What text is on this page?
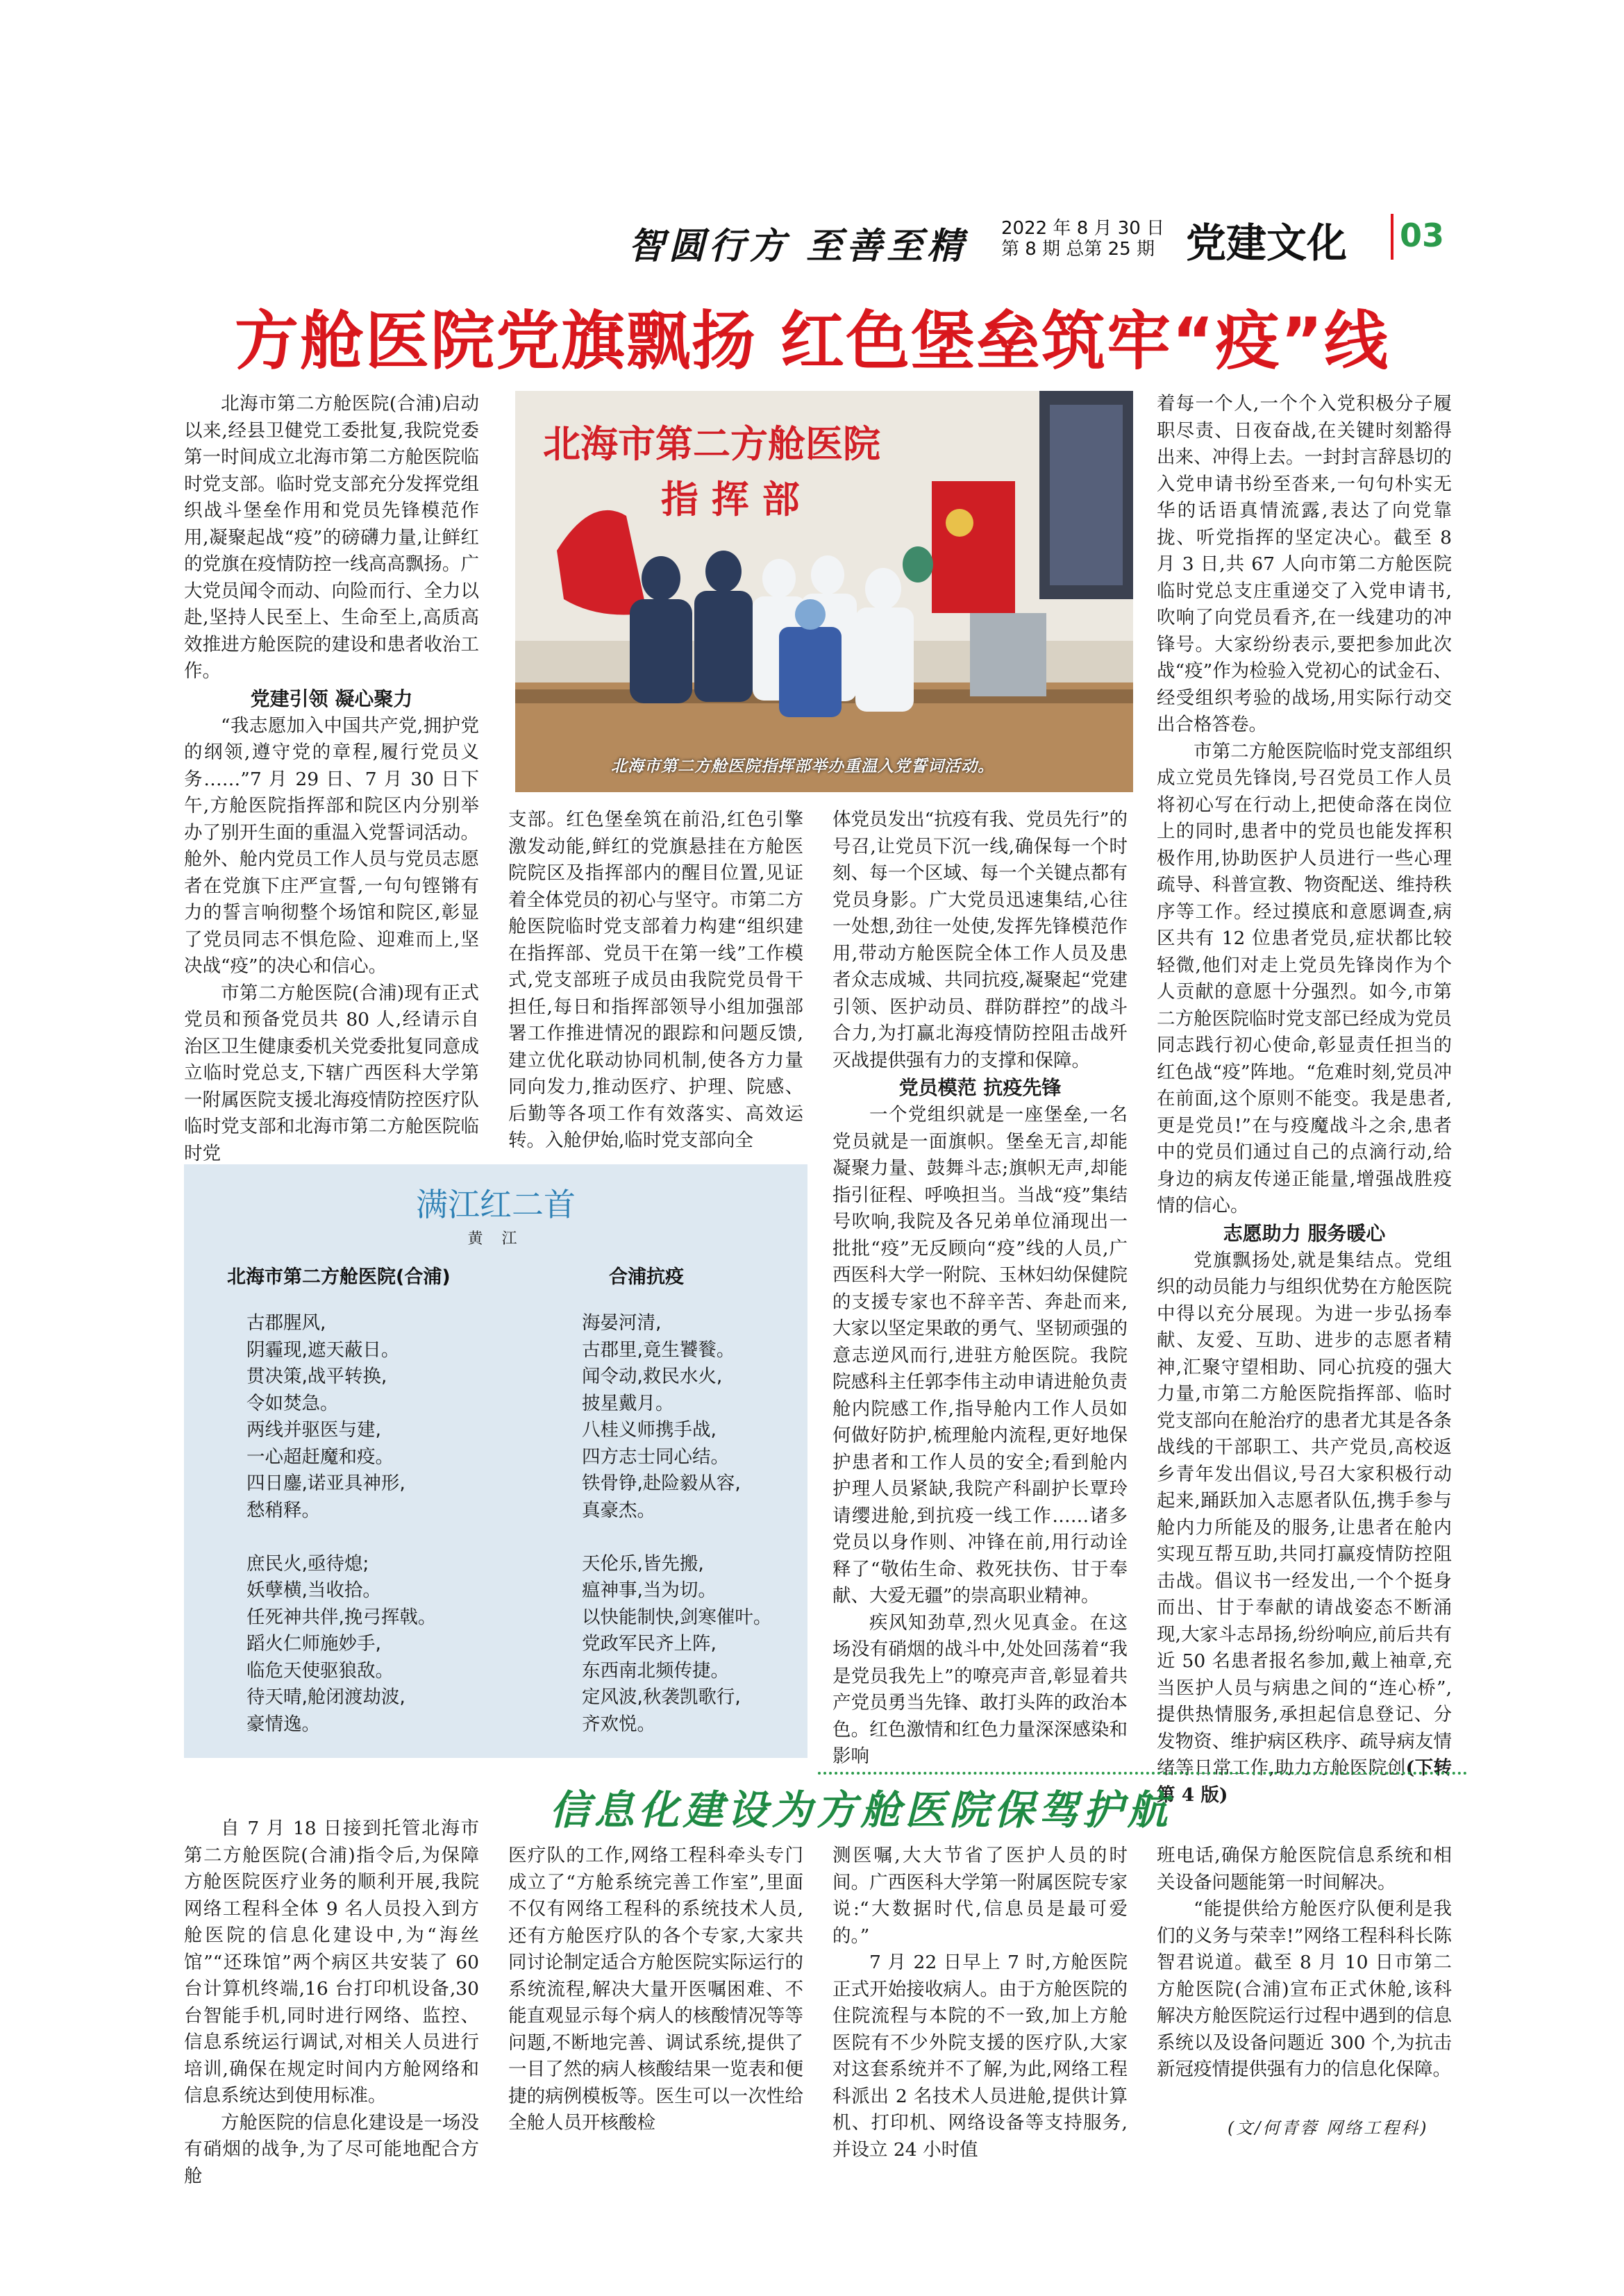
智圆行方 至善至精 2022 年 8 月 30 日
第 8 期 总第 25 期 党建文化 03
方舱医院党旗飘扬 红色堡垒筑牢“疫”线

北海市第二方舱医院(合浦)启动以来,经县卫健党工委批复,我院党委第一时间成立北海市第二方舱医院临时党支部。临时党支部充分发挥党组织战斗堡垒作用和党员先锋模范作用,凝聚起战“疫”的磅礴力量,让鲜红的党旗在疫情防控一线高高飘扬。广大党员闻令而动、向险而行、全力以赴,坚持人民至上、生命至上,高质高效推进方舱医院的建设和患者收治工作。

党建引领 凝心聚力

“我志愿加入中国共产党,拥护党的纲领,遵守党的章程,履行党员义务……”7 月 29 日、7 月 30 日下午,方舱医院指挥部和院区内分别举办了别开生面的重温入党誓词活动。舱外、舱内党员工作人员与党员志愿者在党旗下庄严宣誓,一句句铿锵有力的誓言响彻整个场馆和院区,彰显了党员同志不惧危险、迎难而上,坚决战“疫”的决心和信心。

市第二方舱医院(合浦)现有正式党员和预备党员共 80 人,经请示自治区卫生健康委机关党委批复同意成立临时党总支,下辖广西医科大学第一附属医院支援北海疫情防控医疗队临时党支部和北海市第二方舱医院临时党

北海市第二方舱医院
指 挥 部
北海市第二方舱医院指挥部举办重温入党誓词活动。

支部。红色堡垒筑在前沿,红色引擎激发动能,鲜红的党旗悬挂在方舱医院院区及指挥部内的醒目位置,见证着全体党员的初心与坚守。市第二方舱医院临时党支部着力构建“组织建在指挥部、党员干在第一线”工作模式,党支部班子成员由我院党员骨干担任,每日和指挥部领导小组加强部署工作推进情况的跟踪和问题反馈,建立优化联动协同机制,使各方力量同向发力,推动医疗、护理、院感、后勤等各项工作有效落实、高效运转。入舱伊始,临时党支部向全

体党员发出“抗疫有我、党员先行”的号召,让党员下沉一线,确保每一个时刻、每一个区域、每一个关键点都有党员身影。广大党员迅速集结,心往一处想,劲往一处使,发挥先锋模范作用,带动方舱医院全体工作人员及患者众志成城、共同抗疫,凝聚起“党建引领、医护动员、群防群控”的战斗合力,为打赢北海疫情防控阻击战歼灭战提供强有力的支撑和保障。

党员模范 抗疫先锋

一个党组织就是一座堡垒,一名党员就是一面旗帜。堡垒无言,却能凝聚力量、鼓舞斗志;旗帜无声,却能指引征程、呼唤担当。当战“疫”集结号吹响,我院及各兄弟单位涌现出一批批“疫”无反顾向“疫”线的人员,广西医科大学一附院、玉林妇幼保健院的支援专家也不辞辛苦、奔赴而来,大家以坚定果敢的勇气、坚韧顽强的意志逆风而行,进驻方舱医院。我院院感科主任郭李伟主动申请进舱负责舱内院感工作,指导舱内工作人员如何做好防护,梳理舱内流程,更好地保护患者和工作人员的安全;看到舱内护理人员紧缺,我院产科副护长覃玲请缨进舱,到抗疫一线工作……诸多党员以身作则、冲锋在前,用行动诠释了“敬佑生命、救死扶伤、甘于奉献、大爱无疆”的崇高职业精神。

疾风知劲草,烈火见真金。在这场没有硝烟的战斗中,处处回荡着“我是党员我先上”的嘹亮声音,彰显着共产党员勇当先锋、敢打头阵的政治本色。红色激情和红色力量深深感染和影响

着每一个人,一个个入党积极分子履职尽责、日夜奋战,在关键时刻豁得出来、冲得上去。一封封言辞恳切的入党申请书纷至沓来,一句句朴实无华的话语真情流露,表达了向党靠拢、听党指挥的坚定决心。截至 8 月 3 日,共 67 人向市第二方舱医院临时党总支庄重递交了入党申请书,吹响了向党员看齐,在一线建功的冲锋号。大家纷纷表示,要把参加此次战“疫”作为检验入党初心的试金石、经受组织考验的战场,用实际行动交出合格答卷。

市第二方舱医院临时党支部组织成立党员先锋岗,号召党员工作人员将初心写在行动上,把使命落在岗位上的同时,患者中的党员也能发挥积极作用,协助医护人员进行一些心理疏导、科普宣教、物资配送、维持秩序等工作。经过摸底和意愿调查,病区共有 12 位患者党员,症状都比较轻微,他们对走上党员先锋岗作为个人贡献的意愿十分强烈。如今,市第二方舱医院临时党支部已经成为党员同志践行初心使命,彰显责任担当的红色战“疫”阵地。“危难时刻,党员冲在前面,这个原则不能变。我是患者,更是党员!”在与疫魔战斗之余,患者中的党员们通过自己的点滴行动,给身边的病友传递正能量,增强战胜疫情的信心。

志愿助力 服务暖心

党旗飘扬处,就是集结点。党组织的动员能力与组织优势在方舱医院中得以充分展现。为进一步弘扬奉献、友爱、互助、进步的志愿者精神,汇聚守望相助、同心抗疫的强大力量,市第二方舱医院指挥部、临时党支部向在舱治疗的患者尤其是各条战线的干部职工、共产党员,高校返乡青年发出倡议,号召大家积极行动起来,踊跃加入志愿者队伍,携手参与舱内力所能及的服务,让患者在舱内实现互帮互助,共同打赢疫情防控阻击战。倡议书一经发出,一个个挺身而出、甘于奉献的请战姿态不断涌现,大家斗志昂扬,纷纷响应,前后共有近 50 名患者报名参加,戴上袖章,充当医护人员与病患之间的“连心桥”,提供热情服务,承担起信息登记、分发物资、维护病区秩序、疏导病友情绪等日常工作,助力方舱医院创(下转第 4 版)

满江红二首
黄 江
北海市第二方舱医院(合浦)	合浦抗疫
古郡腥风,
阴霾现,遮天蔽日。
贯决策,战平转换,
令如焚急。
两线并驱医与建,
一心超赶魔和疫。
四日鏖,诺亚具神形,
愁稍释。
庶民火,亟待熄;
妖孽横,当收拾。
任死神共伴,挽弓挥戟。
蹈火仁师施妙手,
临危天使驱狼敌。
待天晴,舱闭渡劫波,
豪情逸。
海晏河清,
古郡里,竟生饕餮。
闻令动,救民水火,
披星戴月。
八桂义师携手战,
四方志士同心结。
铁骨铮,赴险毅从容,
真豪杰。
天伦乐,皆先搬,
瘟神事,当为切。
以快能制快,剑寒催叶。
党政军民齐上阵,
东西南北频传捷。
定风波,秋袭凯歌行,
齐欢悦。
信息化建设为方舱医院保驾护航

自 7 月 18 日接到托管北海市第二方舱医院(合浦)指令后,为保障方舱医院医疗业务的顺利开展,我院网络工程科全体 9 名人员投入到方舱医院的信息化建设中,为“海丝馆”“还珠馆”两个病区共安装了 60 台计算机终端,16 台打印机设备,30 台智能手机,同时进行网络、监控、信息系统运行调试,对相关人员进行培训,确保在规定时间内方舱网络和信息系统达到使用标准。

方舱医院的信息化建设是一场没有硝烟的战争,为了尽可能地配合方舱

医疗队的工作,网络工程科牵头专门成立了“方舱系统完善工作室”,里面不仅有网络工程科的系统技术人员,还有方舱医疗队的各个专家,大家共同讨论制定适合方舱医院实际运行的系统流程,解决大量开医嘱困难、不能直观显示每个病人的核酸情况等等问题,不断地完善、调试系统,提供了一目了然的病人核酸结果一览表和便捷的病例模板等。医生可以一次性给全舱人员开核酸检

测医嘱,大大节省了医护人员的时间。广西医科大学第一附属医院专家说:“大数据时代,信息员是最可爱的。”

7 月 22 日早上 7 时,方舱医院正式开始接收病人。由于方舱医院的住院流程与本院的不一致,加上方舱医院有不少外院支援的医疗队,大家对这套系统并不了解,为此,网络工程科派出 2 名技术人员进舱,提供计算机、打印机、网络设备等支持服务,并设立 24 小时值

班电话,确保方舱医院信息系统和相关设备问题能第一时间解决。

“能提供给方舱医疗队便利是我们的义务与荣幸!”网络工程科科长陈智君说道。截至 8 月 10 日市第二方舱医院(合浦)宣布正式休舱,该科解决方舱医院运行过程中遇到的信息系统以及设备问题近 300 个,为抗击新冠疫情提供强有力的信息化保障。

(文/何青蓉 网络工程科)
